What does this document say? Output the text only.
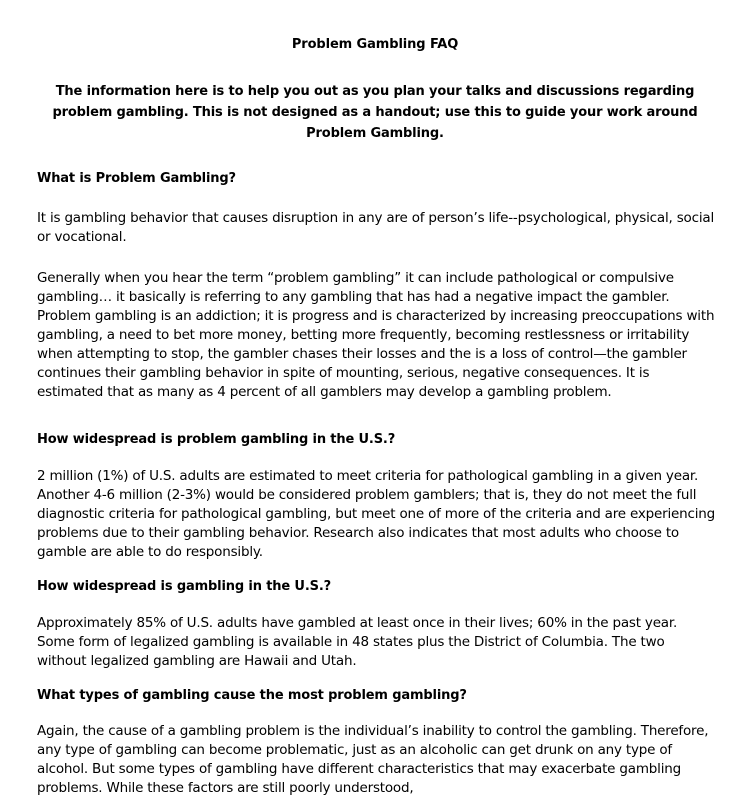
Problem Gambling FAQ
The information here is to help you out as you plan your talks and discussions regarding problem gambling. This is not designed as a handout; use this to guide your work around Problem Gambling.
What is Problem Gambling?
It is gambling behavior that causes disruption in any are of person’s life--psychological, physical, social or vocational.
Generally when you hear the term “problem gambling” it can include pathological or compulsive gambling… it basically is referring to any gambling that has had a negative impact the gambler. Problem gambling is an addiction; it is progress and is characterized by increasing preoccupations with gambling, a need to bet more money, betting more frequently, becoming restlessness or irritability when attempting to stop, the gambler chases their losses and the is a loss of control—the gambler continues their gambling behavior in spite of mounting, serious, negative consequences. It is estimated that as many as 4 percent of all gamblers may develop a gambling problem.
How widespread is problem gambling in the U.S.?
2 million (1%) of U.S. adults are estimated to meet criteria for pathological gambling in a given year. Another 4-6 million (2-3%) would be considered problem gamblers; that is, they do not meet the full diagnostic criteria for pathological gambling, but meet one of more of the criteria and are experiencing problems due to their gambling behavior. Research also indicates that most adults who choose to gamble are able to do responsibly.
How widespread is gambling in the U.S.?
Approximately 85% of U.S. adults have gambled at least once in their lives; 60% in the past year. Some form of legalized gambling is available in 48 states plus the District of Columbia. The two without legalized gambling are Hawaii and Utah.
What types of gambling cause the most problem gambling?
Again, the cause of a gambling problem is the individual’s inability to control the gambling. Therefore, any type of gambling can become problematic, just as an alcoholic can get drunk on any type of alcohol. But some types of gambling have different characteristics that may exacerbate gambling problems. While these factors are still poorly understood,
